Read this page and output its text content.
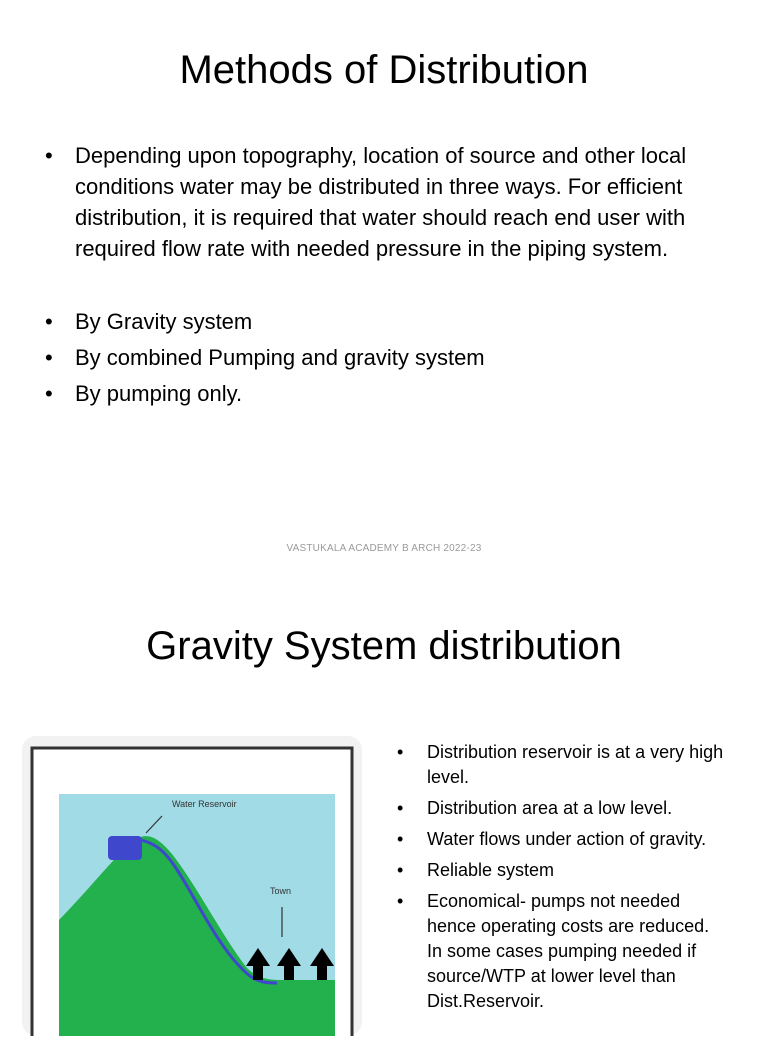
Methods of Distribution
• Depending upon topography, location of source and other local conditions water may be distributed in three ways. For efficient distribution, it is required that water should reach end user with required flow rate with needed pressure in the piping system.
• By Gravity system
• By combined Pumping and gravity system
• By pumping only.
VASTUKALA ACADEMY B ARCH 2022-23
Gravity System distribution
Water Reservoir
Town
• Distribution reservoir is at a very high level.
• Distribution area at a low level.
• Water flows under action of gravity.
• Reliable system
• Economical- pumps not needed hence operating costs are reduced. In some cases pumping needed if source/WTP at lower level than Dist.Reservoir.
